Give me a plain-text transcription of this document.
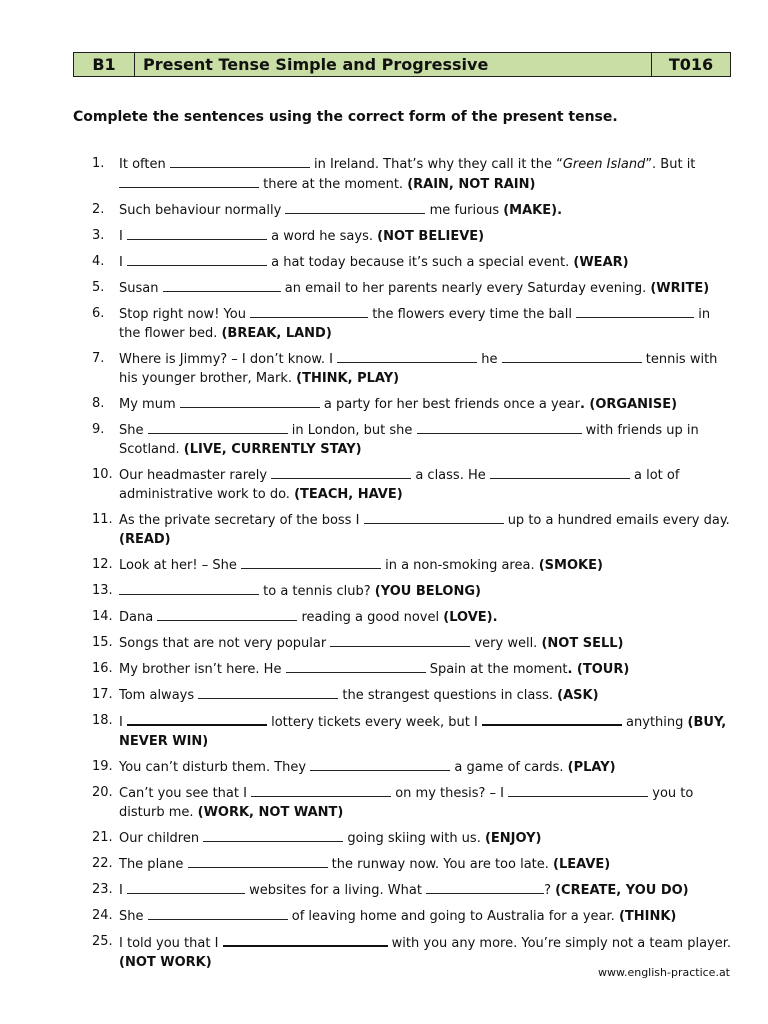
B1	Present Tense Simple and Progressive	T016
Complete the sentences using the correct form of the present tense.
1.	It often	in Ireland. That’s why they call it the “Green Island”. But it  there at the moment. (RAIN, NOT RAIN)
2.	Such behaviour normally	me furious (MAKE).
3.	I	a word he says. (NOT BELIEVE)
4.	I	a hat today because it’s such a special event. (WEAR)
5.	Susan	an email to her parents nearly every Saturday evening. (WRITE)
6.	Stop right now! You	the flowers every time the ball	in the flower bed. (BREAK, LAND)
7.	Where is Jimmy? – I don’t know. I	he	tennis with his younger brother, Mark. (THINK, PLAY)
8.	My mum	a party for her best friends once a year. (ORGANISE)
9.	She	in London, but she	with friends up in Scotland. (LIVE, CURRENTLY STAY)
10. Our headmaster rarely	a class. He	a lot of administrative work to do. (TEACH, HAVE)
11. As the private secretary of the boss I	up to a hundred emails every day. (READ)
12. Look at her! – She	in a non-smoking area. (SMOKE)
13.	to a tennis club? (YOU BELONG)
14. Dana	reading a good novel (LOVE).
15. Songs that are not very popular	very well. (NOT SELL)
16. My brother isn’t here. He	Spain at the moment. (TOUR)
17. Tom always	the strangest questions in class. (ASK)
18. I	lottery tickets every week, but I	anything (BUY, NEVER WIN)
19. You can’t disturb them. They	a game of cards. (PLAY)
20. Can’t you see that I	on my thesis? – I	you to disturb me. (WORK, NOT WANT)
21. Our children	going skiing with us. (ENJOY)
22. The plane	the runway now. You are too late. (LEAVE)
23. I	websites for a living. What	? (CREATE, YOU DO)
24. She	of leaving home and going to Australia for a year. (THINK)
25. I told you that I	with you any more. You’re simply not a team player. (NOT WORK)
www.english-practice.at
